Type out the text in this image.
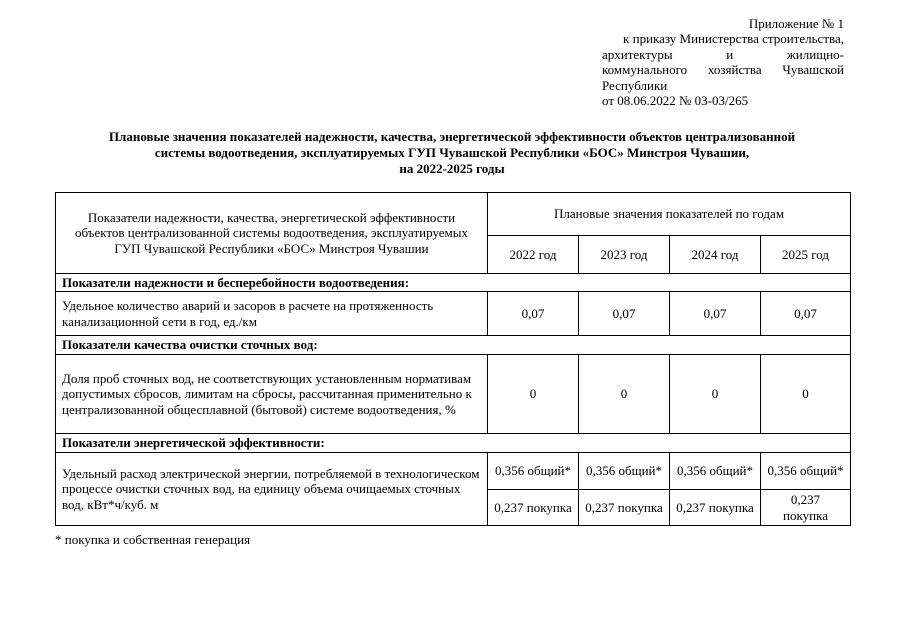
Приложение № 1
к приказу Министерства строительства,
архитектуры и жилищно-
коммунального хозяйства Чувашской
Республики
от 08.06.2022 № 03-03/265
Плановые значения показателей надежности, качества, энергетической эффективности объектов централизованной
системы водоотведения, эксплуатируемых ГУП Чувашской Республики «БОС» Минстроя Чувашии,
на 2022-2025 годы
Показатели надежности, качества, энергетической эффективности объектов централизованной системы водоотведения, эксплуатируемых ГУП Чувашской Республики «БОС» Минстроя Чувашии	Плановые значения показателей по годам			
	2022 год	2023 год	2024 год	2025 год
Показатели надежности и бесперебойности водоотведения:				
Удельное количество аварий и засоров в расчете на протяженность канализационной сети в год, ед./км	0,07	0,07	0,07	0,07
Показатели качества очистки сточных вод:				
Доля проб сточных вод, не соответствующих установленным нормативам допустимых сбросов, лимитам на сбросы, рассчитанная применительно к централизованной общесплавной (бытовой) системе водоотведения, %	0	0	0	0
Показатели энергетической эффективности:				
Удельный расход электрической энергии, потребляемой в технологическом процессе очистки сточных вод, на единицу объема очищаемых сточных вод, кВт*ч/куб. м	0,356 общий*	0,356 общий*	0,356 общий*	0,356 общий*
	0,237 покупка	0,237 покупка	0,237 покупка	0,237 покупка
* покупка и собственная генерация
